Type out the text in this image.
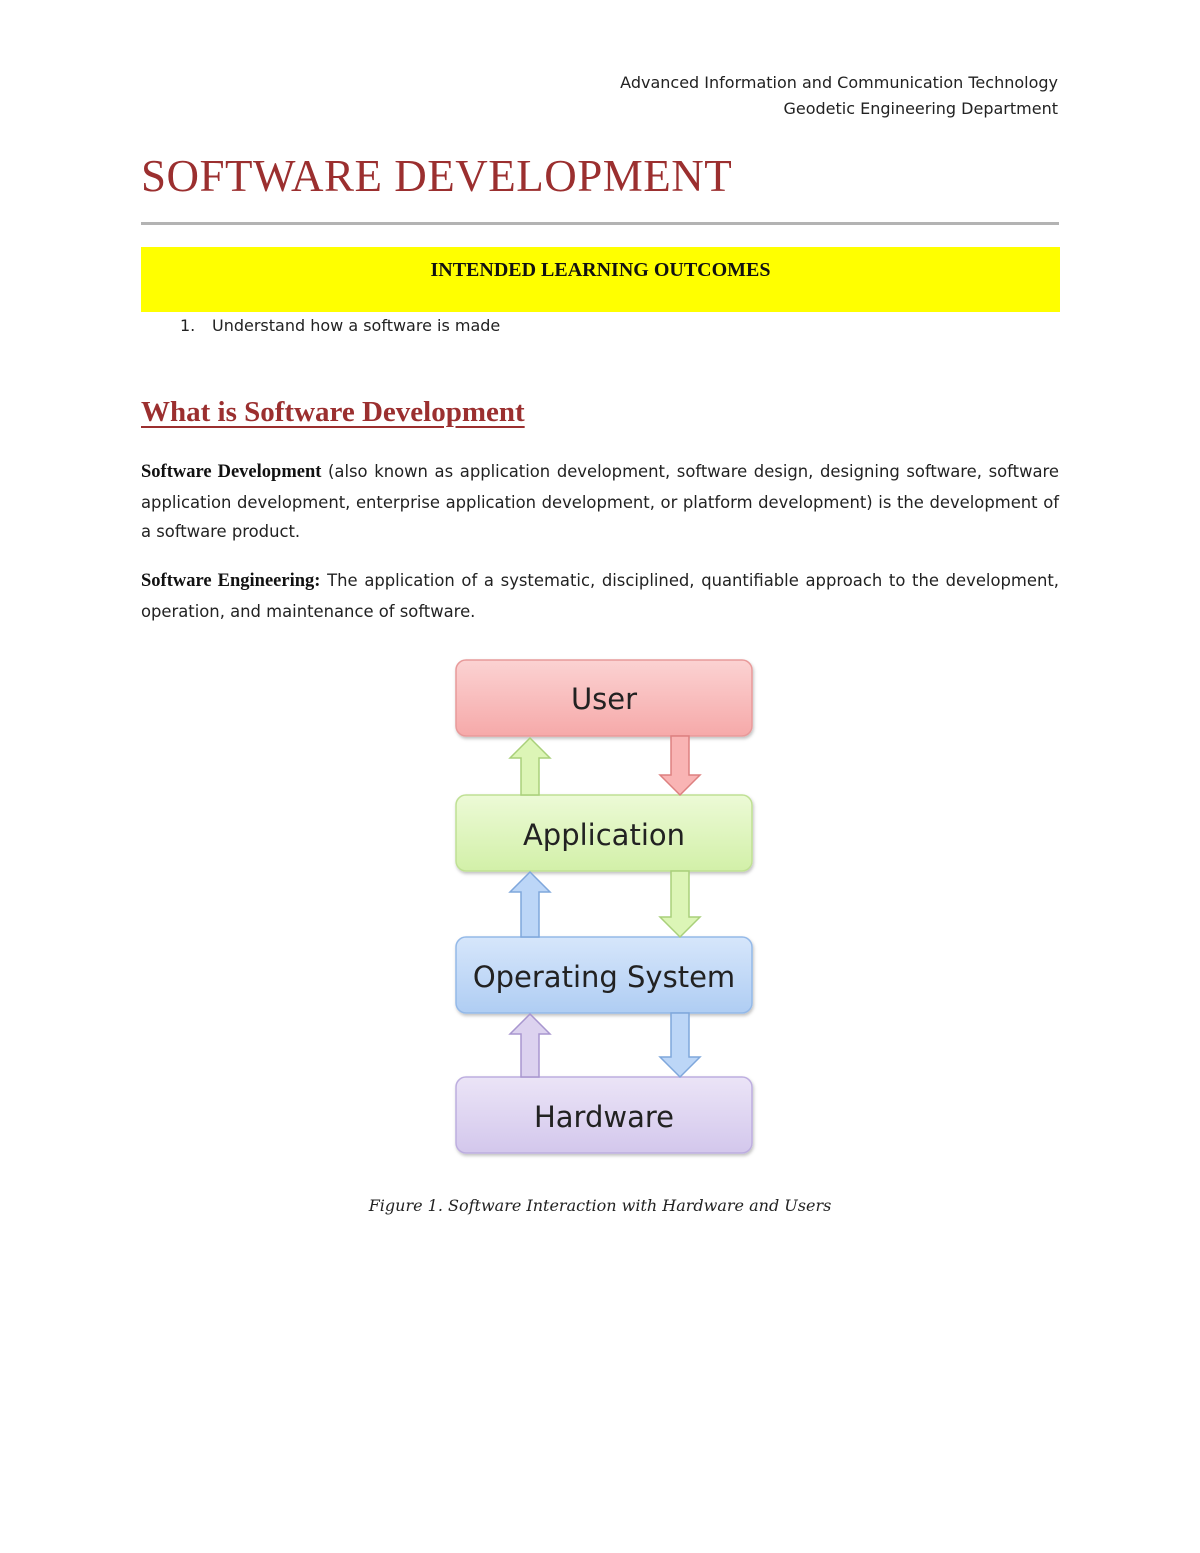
Advanced Information and Communication Technology
Geodetic Engineering Department
SOFTWARE DEVELOPMENT
INTENDED LEARNING OUTCOMES
1.	Understand how a software is made
What is Software Development

Software Development (also known as application development, software design, designing software, software application development, enterprise application development, or platform development) is the development of a software product.

Software Engineering: The application of a systematic, disciplined, quantifiable approach to the development, operation, and maintenance of software.

User
Application
Operating System
Hardware
Figure 1. Software Interaction with Hardware and Users
